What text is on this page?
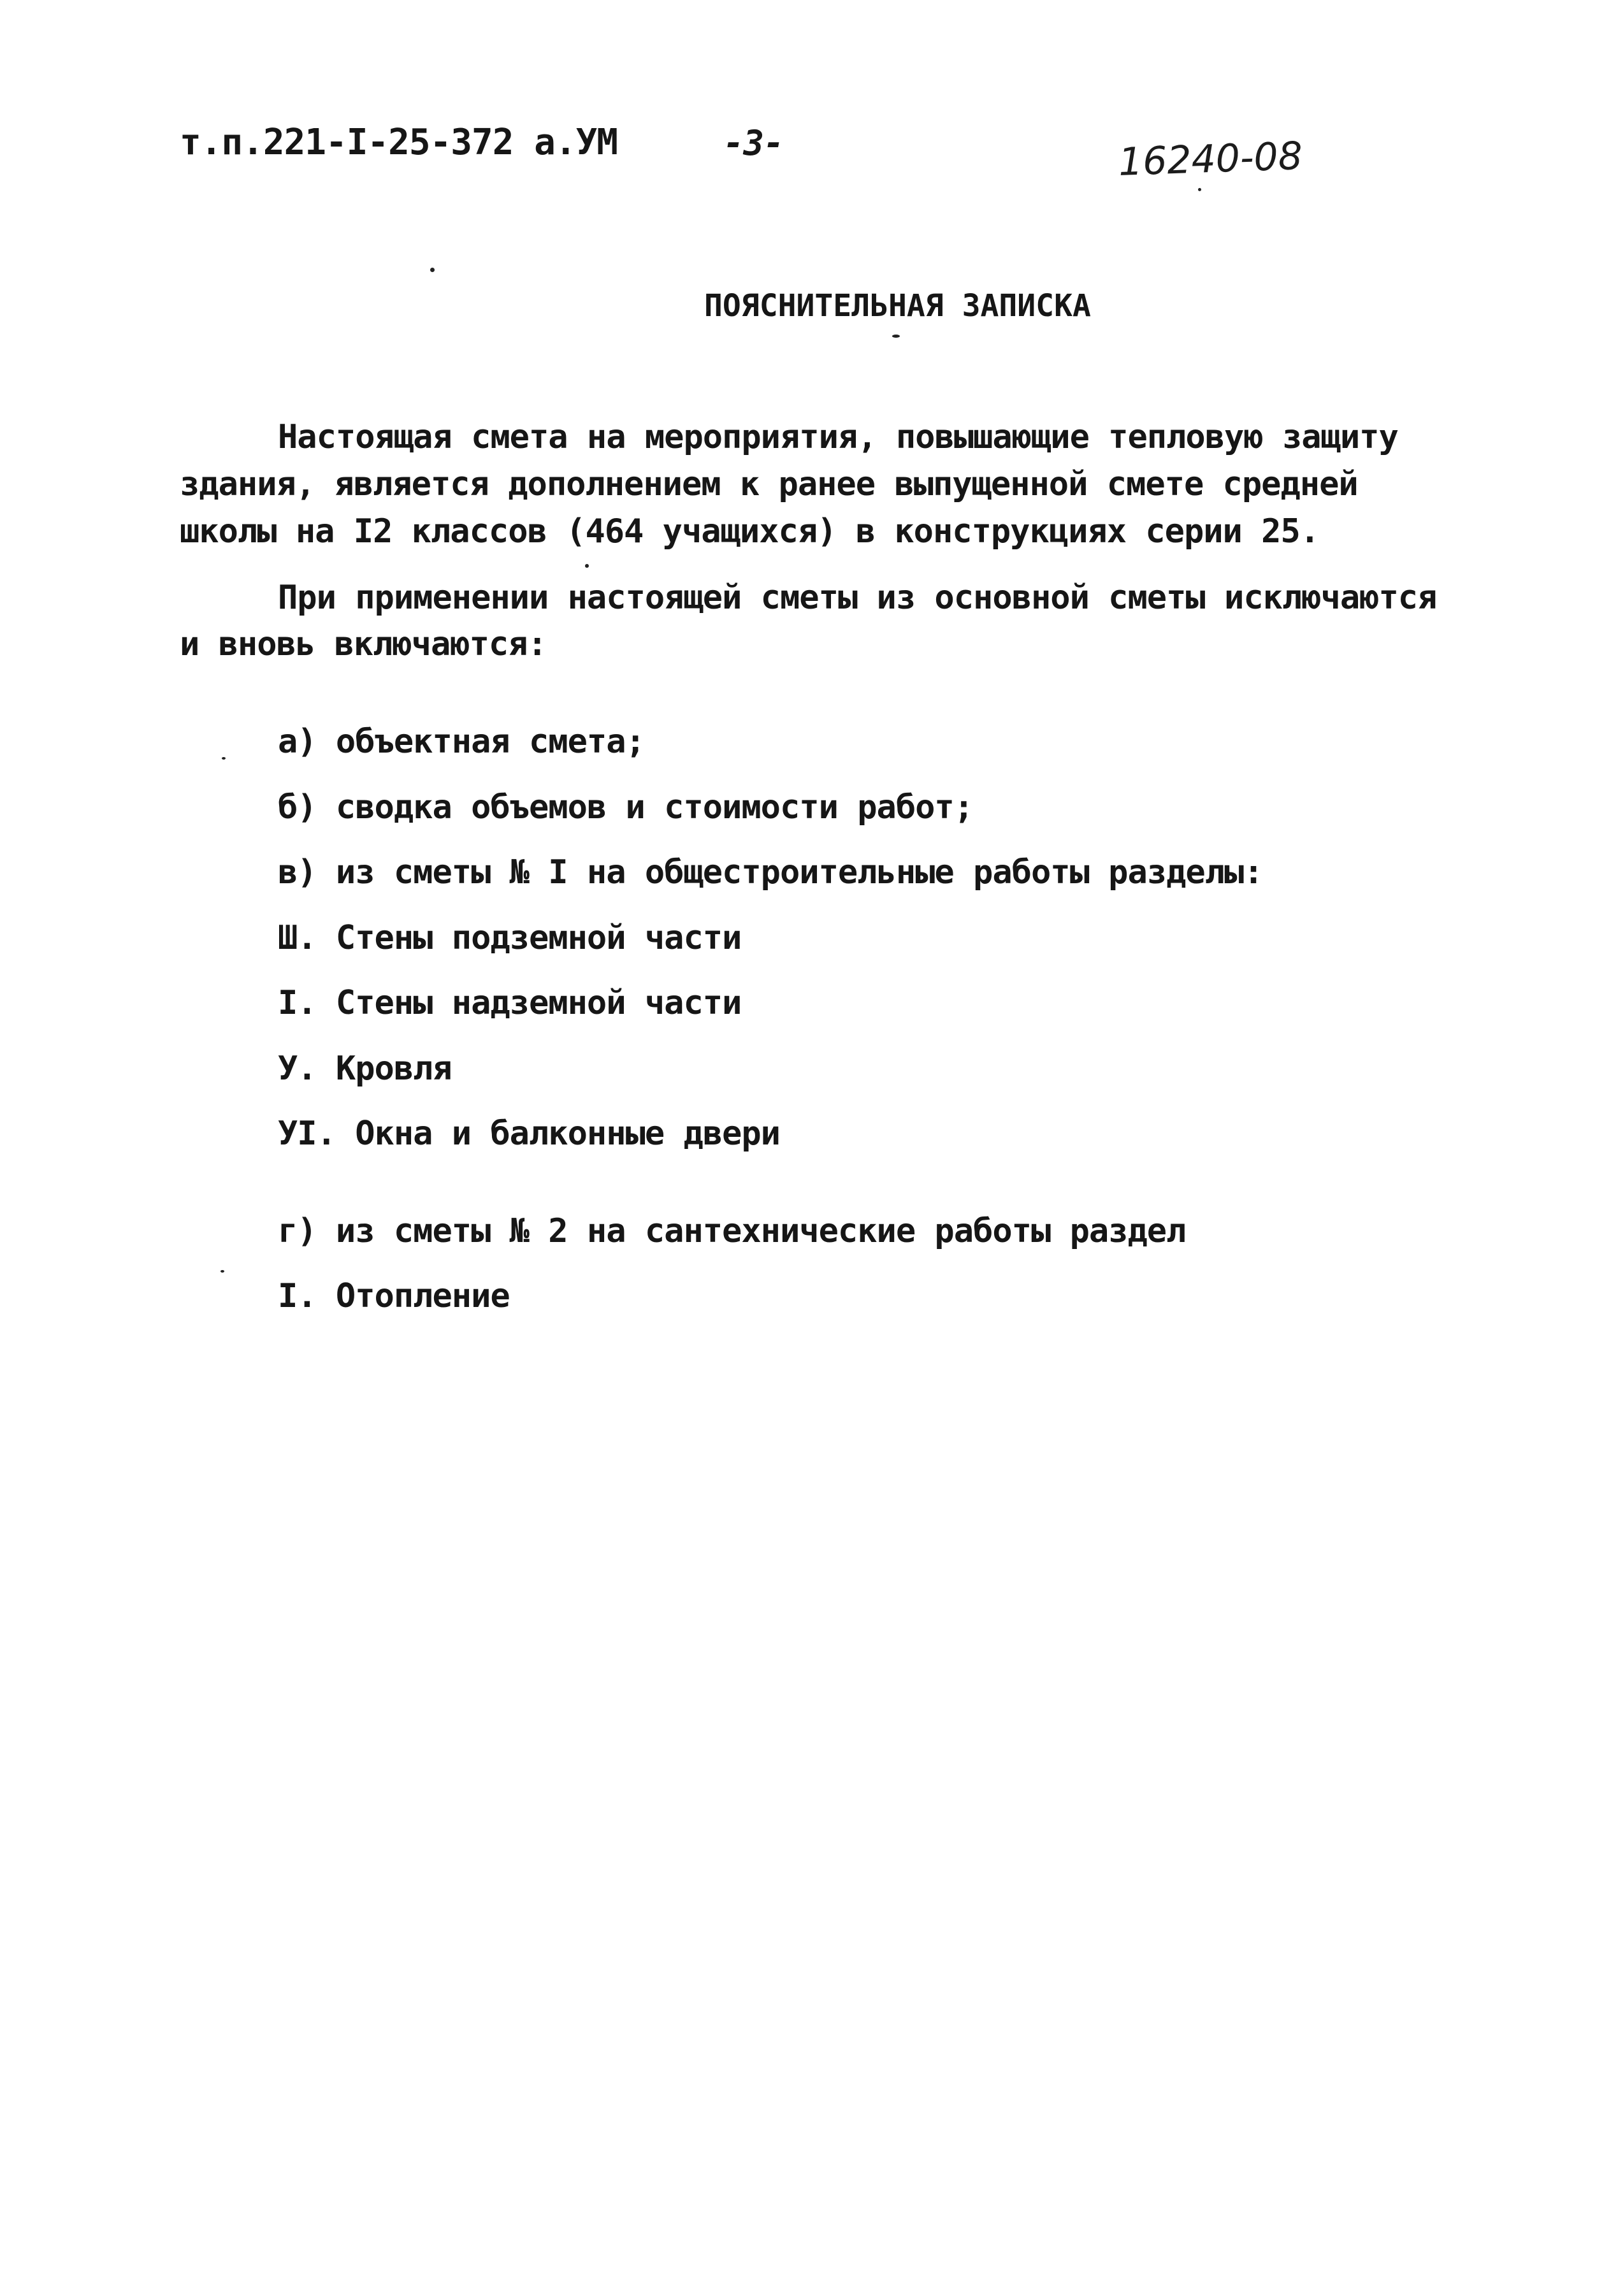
т.п.221-I-25-372 а.УМ	-3-	16240-08
ПОЯСНИТЕЛЬНАЯ ЗАПИСКА
Настоящая смета на мероприятия, повышающие тепловую защиту
здания, является дополнением к ранее выпущенной смете средней
школы на I2 классов (464 учащихся) в конструкциях серии 25.
При применении настоящей сметы из основной сметы исключаются
и вновь включаются:
а) объектная смета;
б) сводка объемов и стоимости работ;
в) из сметы № I на общестроительные работы разделы:
Ш. Стены подземной части
I. Стены надземной части
У. Кровля
УI. Окна и балконные двери
г) из сметы № 2 на сантехнические работы раздел
I. Отопление
